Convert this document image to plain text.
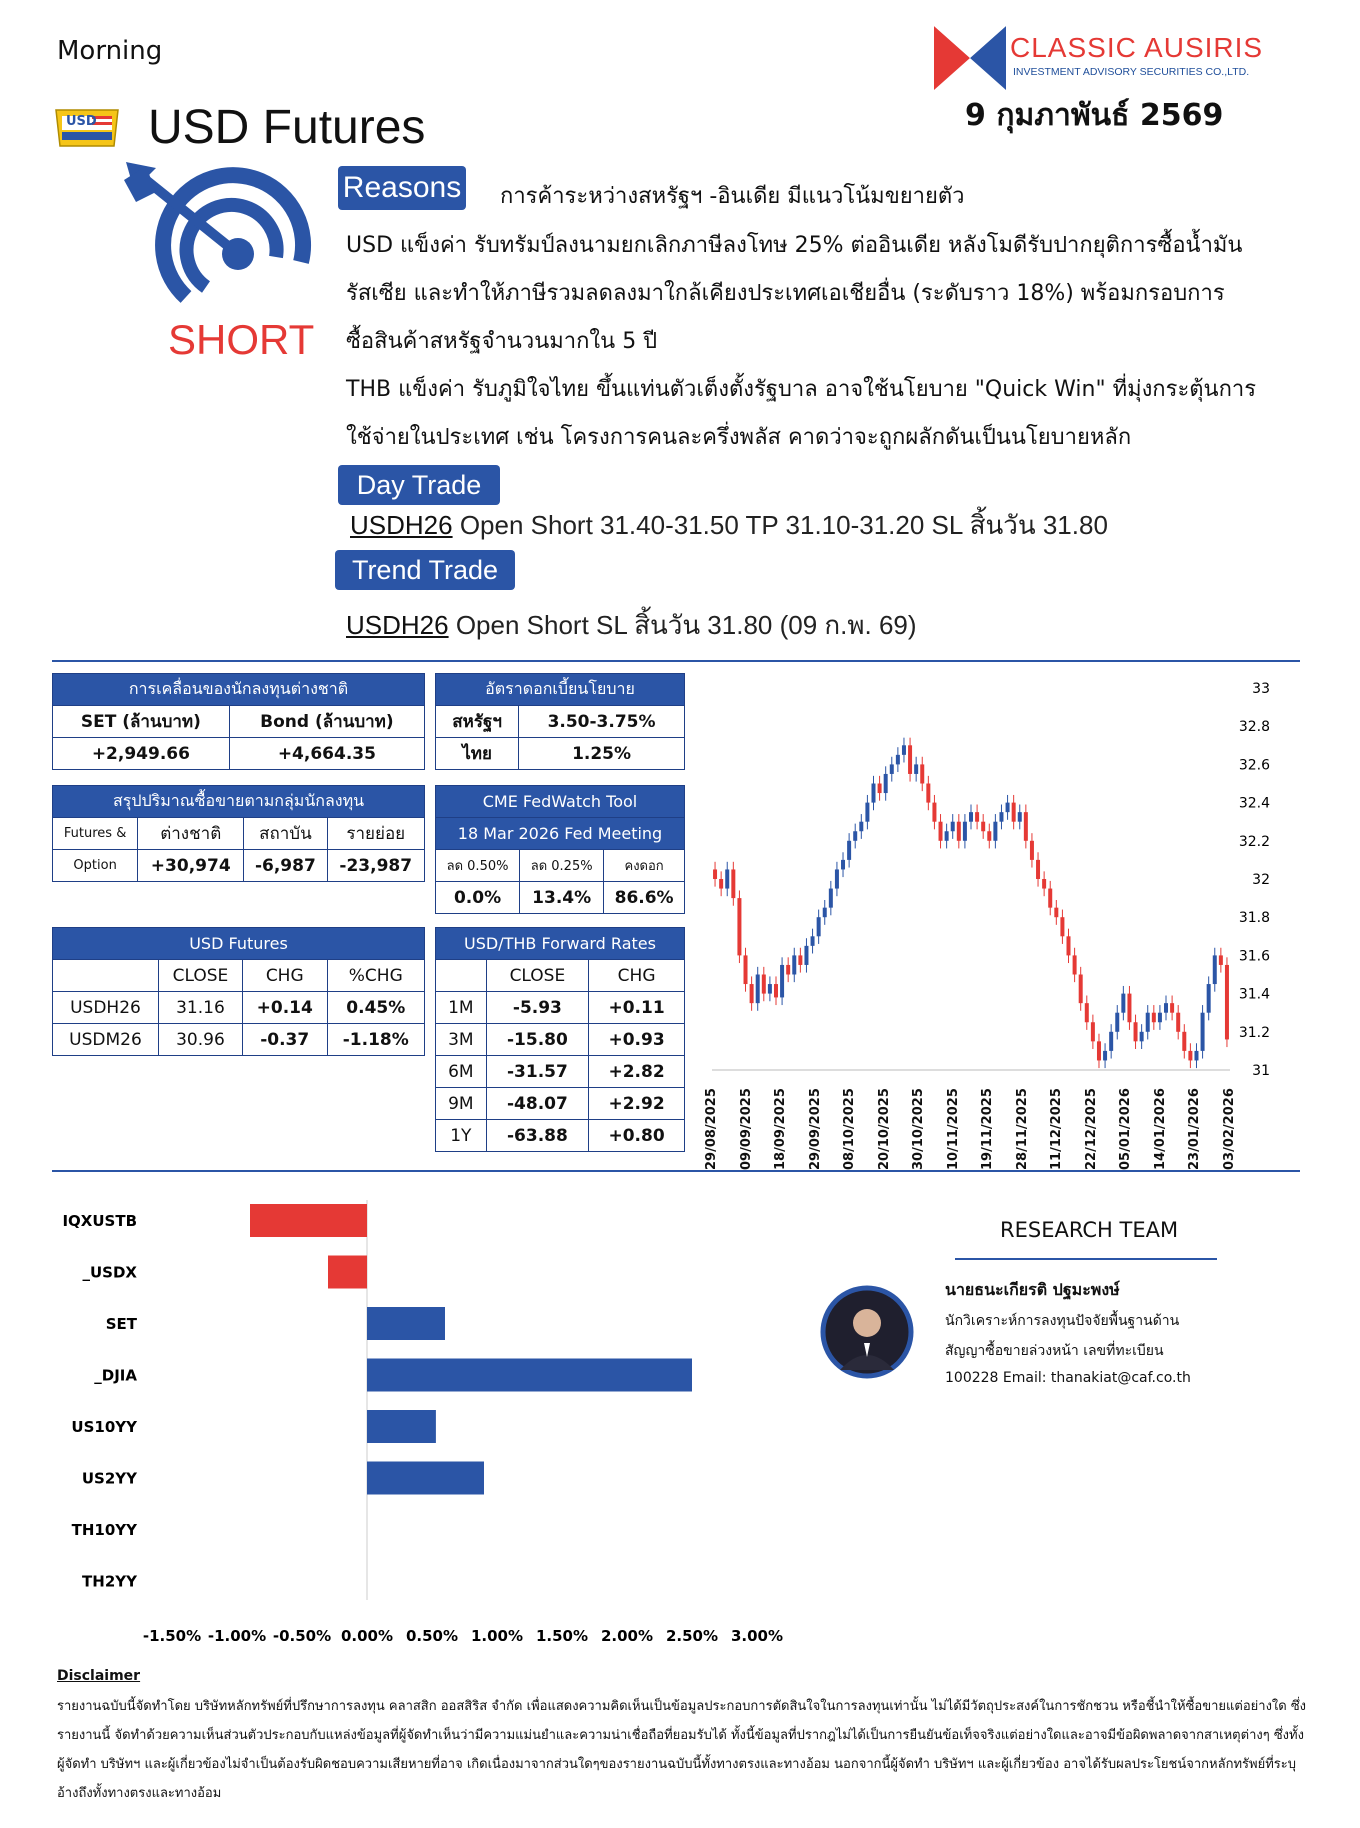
Morning	CLASSIC AUSIRIS
INVESTMENT ADVISORY SECURITIES CO.,LTD.
9 กุมภาพันธ์ 2569
USD USD Futures
SHORT
Reasons การค้าระหว่างสหรัฐฯ -อินเดีย มีแนวโน้มขยายตัว
USD แข็งค่า รับทรัมป์ลงนามยกเลิกภาษีลงโทษ 25% ต่ออินเดีย หลังโมดีรับปากยุติการซื้อน้ำมัน
รัสเซีย และทำให้ภาษีรวมลดลงมาใกล้เคียงประเทศเอเชียอื่น (ระดับราว 18%) พร้อมกรอบการ
ซื้อสินค้าสหรัฐจำนวนมากใน 5 ปี
THB แข็งค่า รับภูมิใจไทย ขึ้นแท่นตัวเต็งตั้งรัฐบาล อาจใช้นโยบาย "Quick Win" ที่มุ่งกระตุ้นการ
ใช้จ่ายในประเทศ เช่น โครงการคนละครึ่งพลัส คาดว่าจะถูกผลักดันเป็นนโยบายหลัก
Day Trade
USDH26 Open Short 31.40-31.50 TP 31.10-31.20 SL สิ้นวัน 31.80
Trend Trade
USDH26 Open Short SL สิ้นวัน 31.80 (09 ก.พ. 69)
การเคลื่อนของนักลงทุนต่างชาติ	
SET (ล้านบาท)	Bond (ล้านบาท)
+2,949.66	+4,664.35
อัตราดอกเบี้ยนโยบาย	
สหรัฐฯ	3.50-3.75%
ไทย	1.25%
สรุปปริมาณซื้อขายตามกลุ่มนักลงทุน			
Futures &	ต่างชาติ	สถาบัน	รายย่อย
Option	+30,974	-6,987	-23,987
CME FedWatch Tool		
18 Mar 2026 Fed Meeting		
ลด 0.50%	ลด 0.25%	คงดอก
0.0%	13.4%	86.6%
USD Futures			
	CLOSE	CHG	%CHG
USDH26	31.16	+0.14	0.45%
USDM26	30.96	-0.37	-1.18%
USD/THB Forward Rates		
	CLOSE	CHG
1M	-5.93	+0.11
3M	-15.80	+0.93
6M	-31.57	+2.82
9M	-48.07	+2.92
1Y	-63.88	+0.80
33
32.8
32.6
32.4
32.2
32
31.8
31.6
31.4
31.2
31
IQXUSTB
_USDX
SET
_DJIA
US10YY
US2YY
TH10YY
TH2YY
-1.50% -1.00% -0.50% 0.00% 0.50% 1.00% 1.50% 2.00% 2.50% 3.00%
RESEARCH TEAM
นายธนะเกียรติ ปฐมะพงษ์
นักวิเคราะห์การลงทุนปัจจัยพื้นฐานด้าน
สัญญาซื้อขายล่วงหน้า เลขที่ทะเบียน
100228 Email: thanakiat@caf.co.th
Disclaimer
รายงานฉบับนี้จัดทำโดย บริษัทหลักทรัพย์ที่ปรึกษาการลงทุน คลาสสิก ออสสิริส จำกัด เพื่อแสดงความคิดเห็นเป็นข้อมูลประกอบการตัดสินใจในการลงทุนเท่านั้น ไม่ได้มีวัตถุประสงค์ในการชักชวน หรือชี้นำให้ซื้อขายแต่อย่างใด ซึ่งรายงานนี้ จัดทำด้วยความเห็นส่วนตัวประกอบกับแหล่งข้อมูลที่ผู้จัดทำเห็นว่ามีความแม่นยำและความน่าเชื่อถือที่ยอมรับได้ ทั้งนี้ข้อมูลที่ปรากฎไม่ได้เป็นการยืนยันข้อเท็จจริงแต่อย่างใดและอาจมีข้อผิดพลาดจากสาเหตุต่างๆ ซึ่งทั้งผู้จัดทำ บริษัทฯ และผู้เกี่ยวข้องไม่จำเป็นต้องรับผิดชอบความเสียหายที่อาจ เกิดเนื่องมาจากส่วนใดๆของรายงานฉบับนี้ทั้งทางตรงและทางอ้อม นอกจากนี้ผู้จัดทำ บริษัทฯ และผู้เกี่ยวข้อง อาจได้รับผลประโยชน์จากหลักทรัพย์ที่ระบุอ้างถึงทั้งทางตรงและทางอ้อม
29/08/2025 09/09/2025 18/09/2025 29/09/2025 08/10/2025 20/10/2025 30/10/2025 10/11/2025 19/11/2025 28/11/2025 11/12/2025 22/12/2025 05/01/2026 14/01/2026 23/01/2026 03/02/2026
